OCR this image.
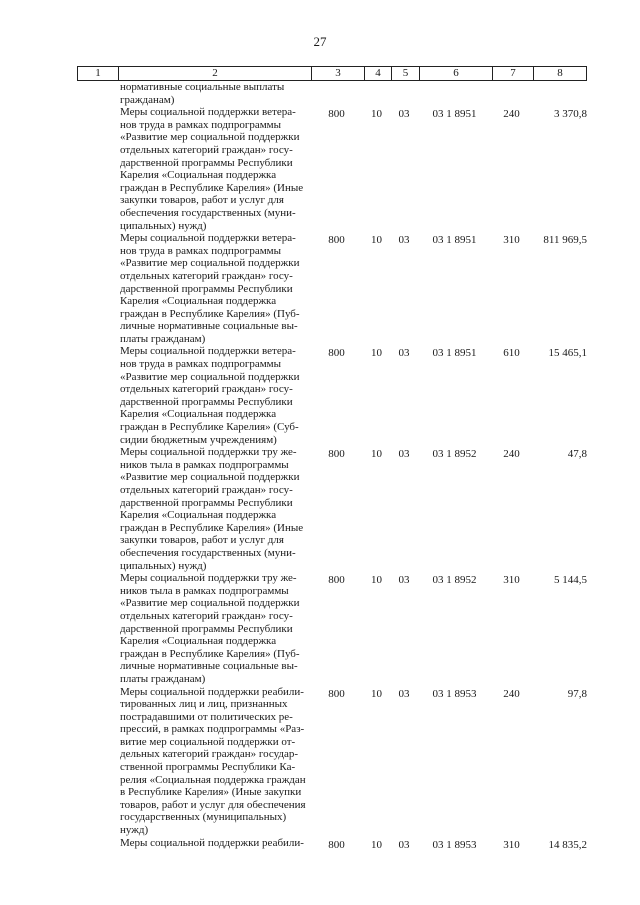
27
1	2	3	4	5	6	7	8
нормативные социальные выплаты
гражданам)
Меры социальной поддержки ветера-
нов труда в рамках подпрограммы
«Развитие мер социальной поддержки
отдельных категорий граждан» госу-
дарственной программы Республики
Карелия «Социальная поддержка
граждан в Республике Карелия» (Иные
закупки товаров, работ и услуг для
обеспечения государственных (муни-
ципальных) нужд)
800	10	03	03 1 8951	240	3 370,8
Меры социальной поддержки ветера-
нов труда в рамках подпрограммы
«Развитие мер социальной поддержки
отдельных категорий граждан» госу-
дарственной программы Республики
Карелия «Социальная поддержка
граждан в Республике Карелия» (Пуб-
личные нормативные социальные вы-
платы гражданам)
800	10	03	03 1 8951	310	811 969,5
Меры социальной поддержки ветера-
нов труда в рамках подпрограммы
«Развитие мер социальной поддержки
отдельных категорий граждан» госу-
дарственной программы Республики
Карелия «Социальная поддержка
граждан в Республике Карелия» (Суб-
сидии бюджетным учреждениям)
800	10	03	03 1 8951	610	15 465,1
Меры социальной поддержки тру же-
ников тыла в рамках подпрограммы
«Развитие мер социальной поддержки
отдельных категорий граждан» госу-
дарственной программы Республики
Карелия «Социальная поддержка
граждан в Республике Карелия» (Иные
закупки товаров, работ и услуг для
обеспечения государственных (муни-
ципальных) нужд)
800	10	03	03 1 8952	240	47,8
Меры социальной поддержки тру же-
ников тыла в рамках подпрограммы
«Развитие мер социальной поддержки
отдельных категорий граждан» госу-
дарственной программы Республики
Карелия «Социальная поддержка
граждан в Республике Карелия» (Пуб-
личные нормативные социальные вы-
платы гражданам)
800	10	03	03 1 8952	310	5 144,5
Меры социальной поддержки реабили-
тированных лиц и лиц, признанных
пострадавшими от политических ре-
прессий, в рамках подпрограммы «Раз-
витие мер социальной поддержки от-
дельных категорий граждан» государ-
ственной программы Республики Ка-
релия «Социальная поддержка граждан
в Республике Карелия» (Иные закупки
товаров, работ и услуг для обеспечения
государственных (муниципальных)
нужд)
800	10	03	03 1 8953	240	97,8
Меры социальной поддержки реабили-	800	10	03	03 1 8953	310	14 835,2
